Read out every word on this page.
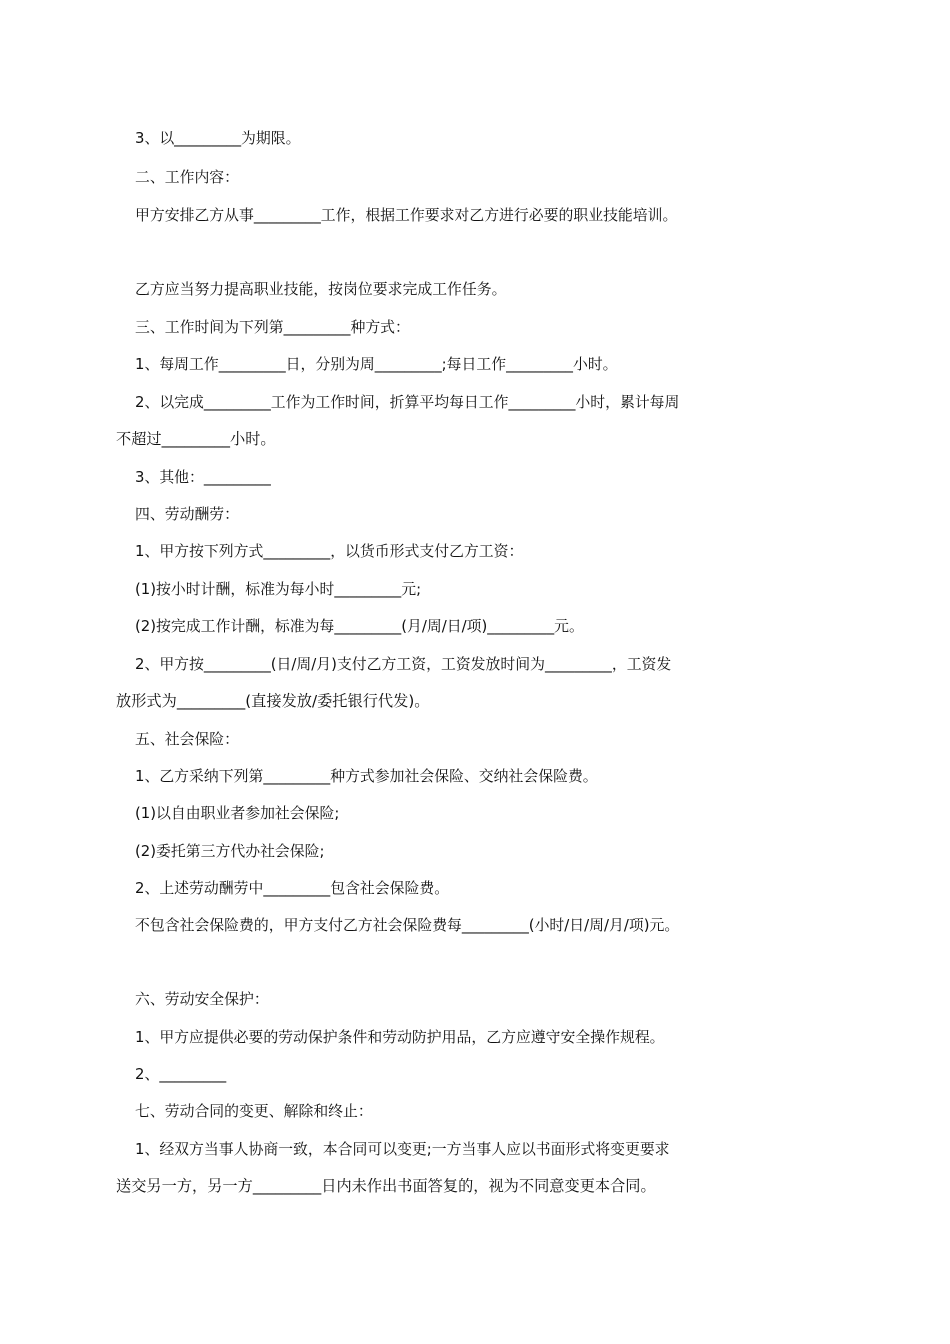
3、以_________为期限。
二、工作内容：
甲方安排乙方从事_________工作，根据工作要求对乙方进行必要的职业技能培训。
乙方应当努力提高职业技能，按岗位要求完成工作任务。
三、工作时间为下列第_________种方式：
1、每周工作_________日，分别为周_________;每日工作_________小时。
2、以完成_________工作为工作时间，折算平均每日工作_________小时，累计每周
不超过_________小时。
3、其他：_________
四、劳动酬劳：
1、甲方按下列方式_________，以货币形式支付乙方工资：
(1)按小时计酬，标准为每小时_________元;
(2)按完成工作计酬，标准为每_________(月/周/日/项)_________元。
2、甲方按_________(日/周/月)支付乙方工资，工资发放时间为_________，工资发
放形式为_________(直接发放/委托银行代发)。
五、社会保险：
1、乙方采纳下列第_________种方式参加社会保险、交纳社会保险费。
(1)以自由职业者参加社会保险;
(2)委托第三方代办社会保险;
2、上述劳动酬劳中_________包含社会保险费。
不包含社会保险费的，甲方支付乙方社会保险费每_________(小时/日/周/月/项)元。
六、劳动安全保护：
1、甲方应提供必要的劳动保护条件和劳动防护用品，乙方应遵守安全操作规程。
2、_________
七、劳动合同的变更、解除和终止：
1、经双方当事人协商一致，本合同可以变更;一方当事人应以书面形式将变更要求
送交另一方，另一方_________日内未作出书面答复的，视为不同意变更本合同。
